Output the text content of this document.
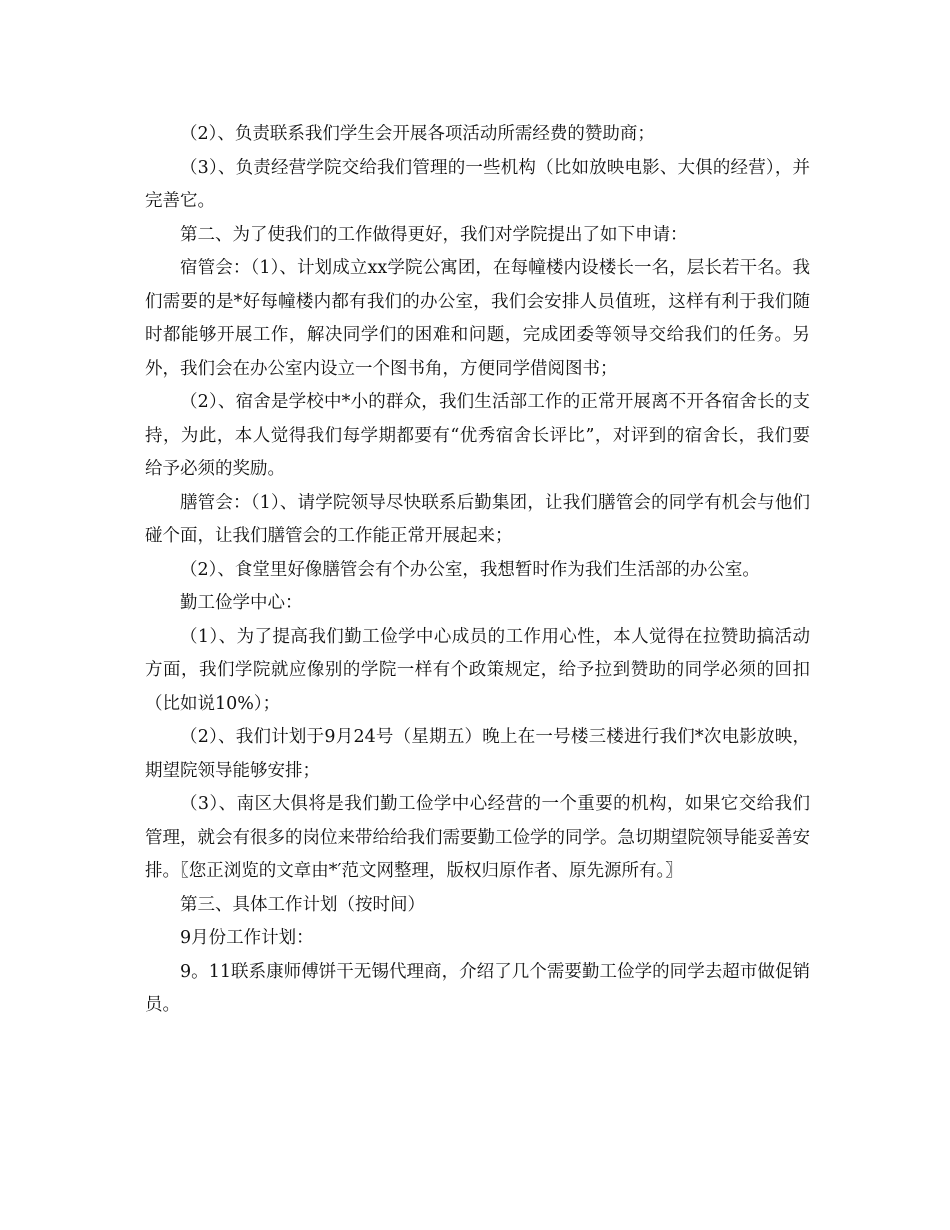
（2）、负责联系我们学生会开展各项活动所需经费的赞助商；

（3）、负责经营学院交给我们管理的一些机构（比如放映电影、大俱的经营），并完善它。

第二、为了使我们的工作做得更好，我们对学院提出了如下申请：

宿管会：（1）、计划成立xx学院公寓团，在每幢楼内设楼长一名，层长若干名。我们需要的是*好每幢楼内都有我们的办公室，我们会安排人员值班，这样有利于我们随时都能够开展工作，解决同学们的困难和问题，完成团委等领导交给我们的任务。另外，我们会在办公室内设立一个图书角，方便同学借阅图书；

（2）、宿舍是学校中*小的群众，我们生活部工作的正常开展离不开各宿舍长的支持，为此，本人觉得我们每学期都要有“优秀宿舍长评比”，对评到的宿舍长，我们要给予必须的奖励。

膳管会：（1）、请学院领导尽快联系后勤集团，让我们膳管会的同学有机会与他们碰个面，让我们膳管会的工作能正常开展起来；

（2）、食堂里好像膳管会有个办公室，我想暂时作为我们生活部的办公室。

勤工俭学中心：

（1）、为了提高我们勤工俭学中心成员的工作用心性，本人觉得在拉赞助搞活动方面，我们学院就应像别的学院一样有个政策规定，给予拉到赞助的同学必须的回扣（比如说10%）；

（2）、我们计划于9月24号（星期五）晚上在一号楼三楼进行我们*次电影放映，期望院领导能够安排；

（3）、南区大俱将是我们勤工俭学中心经营的一个重要的机构，如果它交给我们管理，就会有很多的岗位来带给给我们需要勤工俭学的同学。急切期望院领导能妥善安排。〖您正浏览的文章由*′范文网整理，版权归原作者、原先源所有。〗

第三、具体工作计划（按时间）

9月份工作计划：

9。11联系康师傅饼干无锡代理商，介绍了几个需要勤工俭学的同学去超市做促销员。
